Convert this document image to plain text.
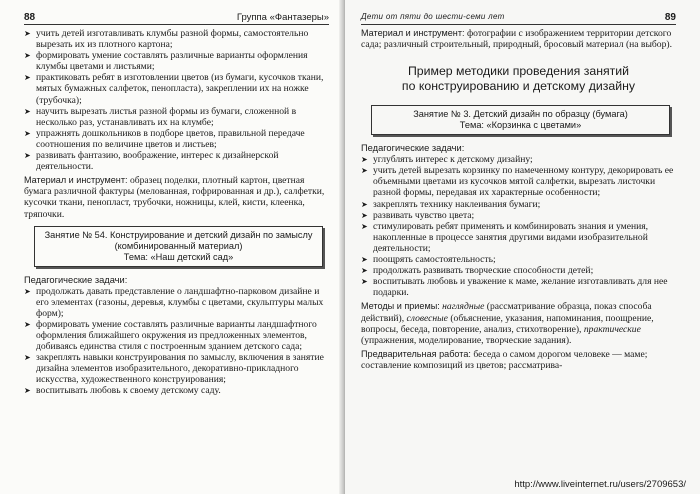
88	Группа «Фантазеры»
➤ учить детей изготавливать клумбы разной формы, самостоятельно вырезать их из плотного картона;
➤ формировать умение составлять различные варианты оформления клумбы цветами и листьями;
➤ практиковать ребят в изготовлении цветов (из бумаги, кусочков ткани, мятых бумажных салфеток, пенопласта), закреплении их на ножке (трубочка);
➤ научить вырезать листья разной формы из бумаги, сложенной в несколько раз, устанавливать их на клумбе;
➤ упражнять дошкольников в подборе цветов, правильной передаче соотношения по величине цветов и листьев;
➤ развивать фантазию, воображение, интерес к дизайнерской деятельности.

Материал и инструмент: образец поделки, плотный картон, цветная бумага различной фактуры (мелованная, гофрированная и др.), салфетки, кусочки ткани, пенопласт, трубочки, ножницы, клей, кисти, клеенка, тряпочки.

Занятие № 54. Конструирование и детский дизайн по замыслу
(комбинированный материал)
Тема: «Наш детский сад»
Педагогические задачи:
➤ продолжать давать представление о ландшафтно-парковом дизайне и его элементах (газоны, деревья, клумбы с цветами, скульптуры малых форм);
➤ формировать умение составлять различные варианты ландшафтного оформления ближайшего окружения из предложенных элементов, добиваясь единства стиля с построенным зданием детского сада;
➤ закреплять навыки конструирования по замыслу, включения в занятие дизайна элементов изобразительного, декоративно-прикладного искусства, художественного конструирования;
➤ воспитывать любовь к своему детскому саду.
Дети от пяти до шести-семи лет	89

Материал и инструмент: фотографии с изображением территории детского сада; различный строительный, природный, бросовый материал (на выбор).

Пример методики проведения занятий
по конструированию и детскому дизайну
Занятие № 3. Детский дизайн по образцу (бумага)
Тема: «Корзинка с цветами»
Педагогические задачи:
➤ углублять интерес к детскому дизайну;
➤ учить детей вырезать корзинку по намеченному контуру, декорировать ее объемными цветами из кусочков мятой салфетки, вырезать листочки разной формы, передавая их характерные особенности;
➤ закреплять технику наклеивания бумаги;
➤ развивать чувство цвета;
➤ стимулировать ребят применять и комбинировать знания и умения, накопленные в процессе занятия другими видами изобразительной деятельности;
➤ поощрять самостоятельность;
➤ продолжать развивать творческие способности детей;
➤ воспитывать любовь и уважение к маме, желание изготавливать для нее подарки.

Методы и приемы: наглядные (рассматривание образца, показ способа действий), словесные (объяснение, указания, напоминания, поощрение, вопросы, беседа, повторение, анализ, стихотворение), практические (упражнения, моделирование, творческие задания).

Предварительная работа: беседа о самом дорогом человеке — маме; составление композиций из цветов; рассматрива-

http://www.liveinternet.ru/users/2709653/
